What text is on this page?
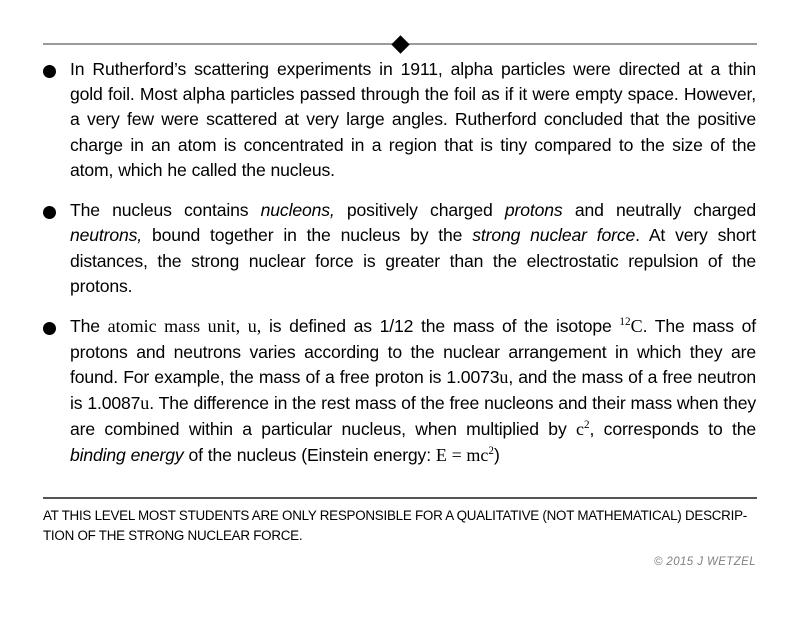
In Rutherford’s scattering experiments in 1911, alpha particles were directed at a thin gold foil. Most alpha particles passed through the foil as if it were empty space. However, a very few were scattered at very large angles. Rutherford concluded that the positive charge in an atom is concentrated in a region that is tiny compared to the size of the atom, which he called the nucleus.
The nucleus contains nucleons, positively charged protons and neutrally charged neutrons, bound together in the nucleus by the strong nuclear force. At very short distances, the strong nuclear force is greater than the electrostatic repulsion of the protons.
The atomic mass unit, u, is defined as 1/12 the mass of the isotope $^{12}$C. The mass of protons and neutrons varies according to the nuclear arrangement in which they are found. For example, the mass of a free proton is 1.0073u, and the mass of a free neutron is 1.0087u. The difference in the rest mass of the free nucleons and their mass when they are combined within a particular nucleus, when multiplied by $c^2$, corresponds to the binding energy of the nucleus (Einstein energy: $E = mc^2$)
AT THIS LEVEL MOST STUDENTS ARE ONLY RESPONSIBLE FOR A QUALITATIVE (NOT MATHEMATICAL) DESCRIP-
TION OF THE STRONG NUCLEAR FORCE.
© 2015 J WETZEL
